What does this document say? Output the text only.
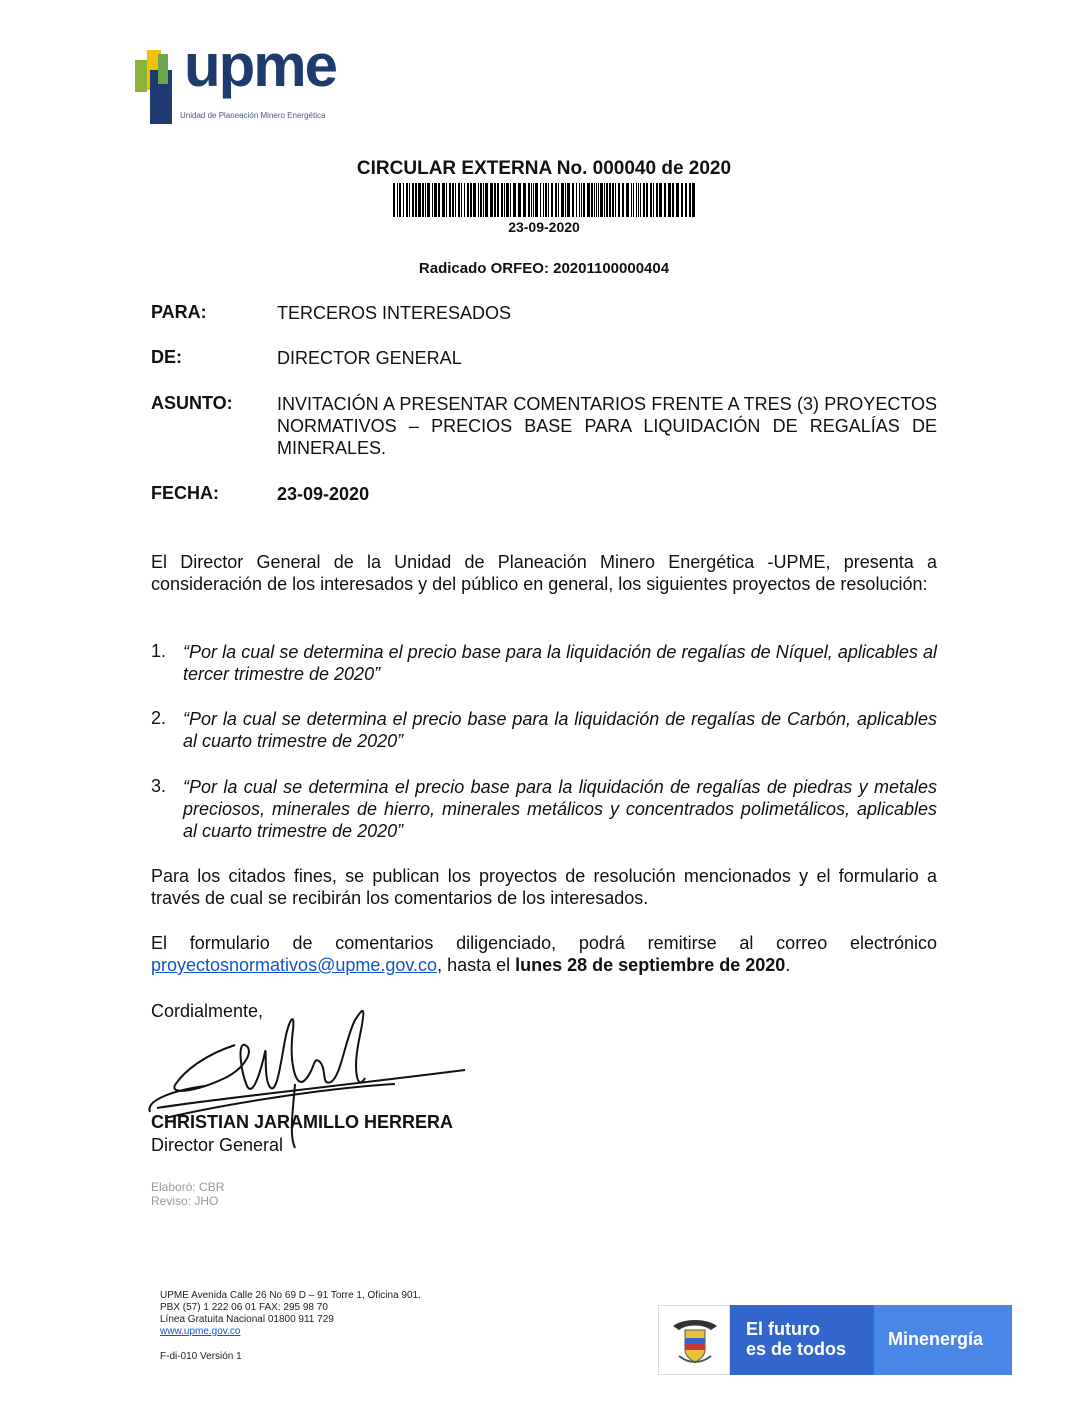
upme
Unidad de Planeación Minero Energética
CIRCULAR EXTERNA No. 000040 de 2020
23-09-2020
Radicado ORFEO: 20201100000404
PARA:	TERCEROS INTERESADOS
DE:	DIRECTOR GENERAL
ASUNTO: INVITACIÓN A PRESENTAR COMENTARIOS FRENTE A TRES (3) PROYECTOS NORMATIVOS – PRECIOS BASE PARA LIQUIDACIÓN DE REGALÍAS DE MINERALES.
FECHA:	23-09-2020
El Director General de la Unidad de Planeación Minero Energética -UPME, presenta a consideración de los interesados y del público en general, los siguientes proyectos de resolución:
1. “Por la cual se determina el precio base para la liquidación de regalías de Níquel, aplicables al tercer trimestre de 2020”
2. “Por la cual se determina el precio base para la liquidación de regalías de Carbón, aplicables al cuarto trimestre de 2020”
3. “Por la cual se determina el precio base para la liquidación de regalías de piedras y metales preciosos, minerales de hierro, minerales metálicos y concentrados polimetálicos, aplicables al cuarto trimestre de 2020”
Para los citados fines, se publican los proyectos de resolución mencionados y el formulario a través de cual se recibirán los comentarios de los interesados.
El formulario de comentarios diligenciado, podrá remitirse al correo electrónico proyectosnormativos@upme.gov.co, hasta el lunes 28 de septiembre de 2020.
Cordialmente,
CHRISTIAN JARAMILLO HERRERA
Director General
Elaboró: CBR
Reviso: JHO
UPME Avenida Calle 26 No 69 D – 91 Torre 1, Oficina 901.
PBX (57) 1 222 06 01 FAX: 295 98 70
Línea Gratuita Nacional 01800 911 729
www.upme.gov.co
F-di-010 Versión 1
El futuro
es de todos Minenergía
